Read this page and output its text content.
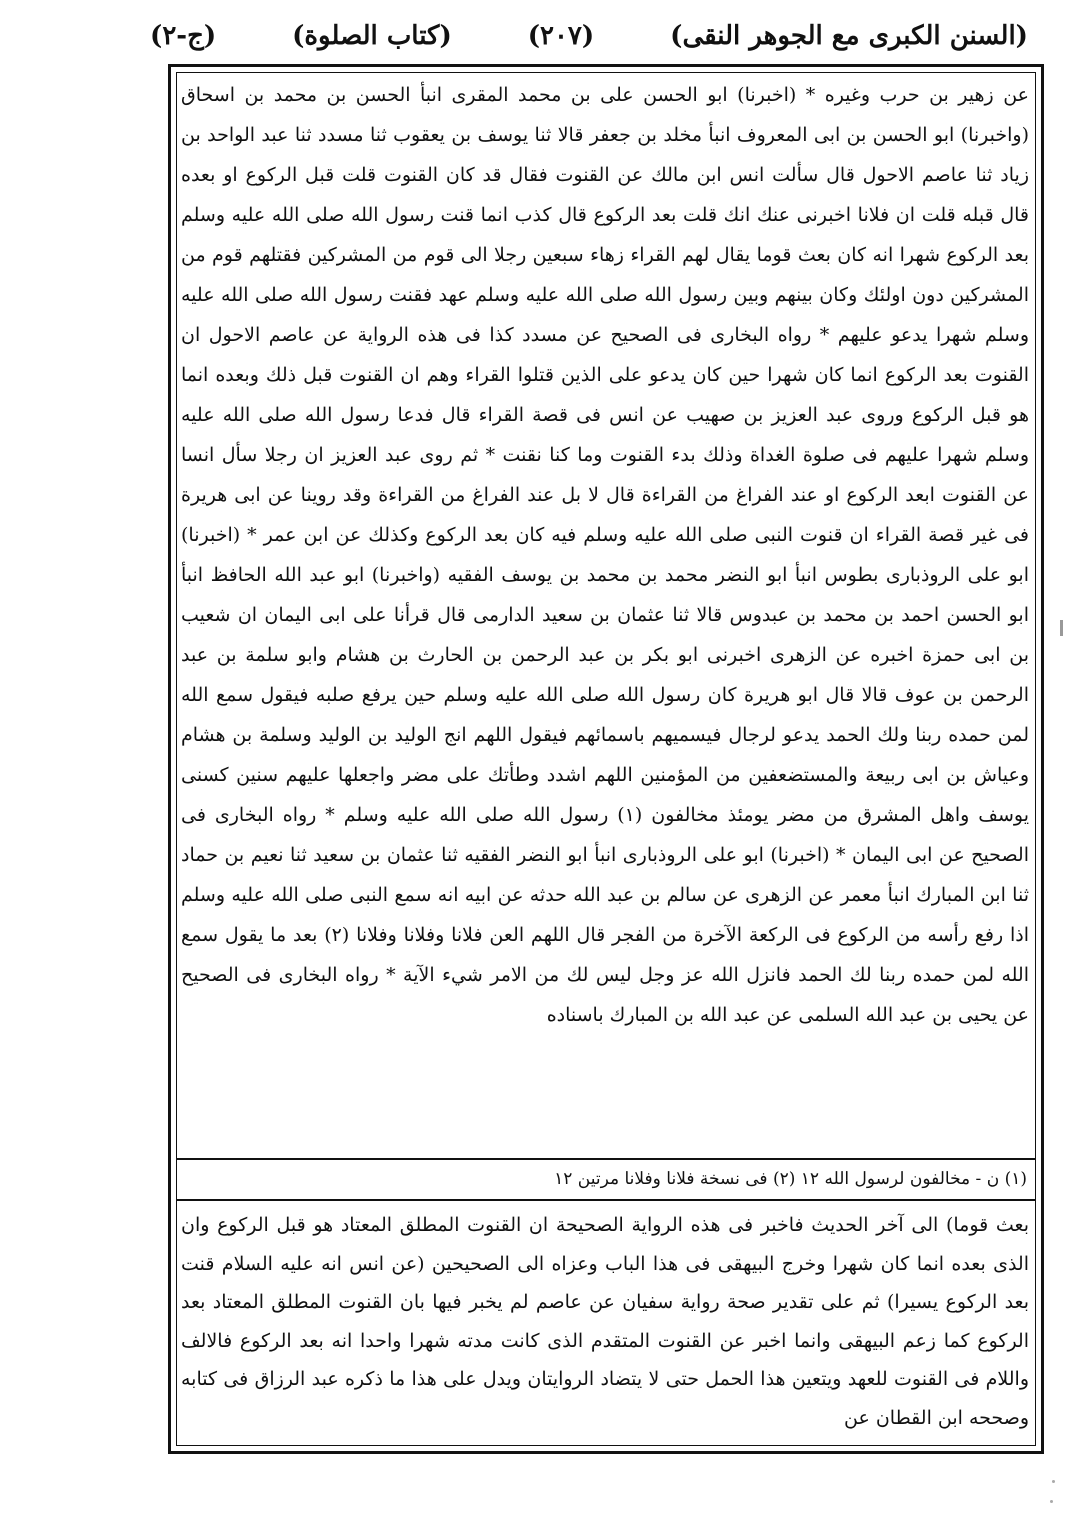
(السنن الكبرى مع الجوهر النقى)
(٢٠٧)
(كتاب الصلوة)
(ج-٢)

عن زهير بن حرب وغيره * (اخبرنا) ابو الحسن على بن محمد المقرى انبأ الحسن بن محمد بن اسحاق (واخبرنا) ابو الحسن بن ابى المعروف انبأ مخلد بن جعفر قالا ثنا يوسف بن يعقوب ثنا مسدد ثنا عبد الواحد بن زياد ثنا عاصم الاحول قال سألت انس ابن مالك عن القنوت فقال قد كان القنوت قلت قبل الركوع او بعده قال قبله قلت ان فلانا اخبرنى عنك انك قلت بعد الركوع قال كذب انما قنت رسول الله صلى الله عليه وسلم بعد الركوع شهرا انه كان بعث قوما يقال لهم القراء زهاء سبعين رجلا الى قوم من المشركين فقتلهم قوم من المشركين دون اولئك وكان بينهم وبين رسول الله صلى الله عليه وسلم عهد فقنت رسول الله صلى الله عليه وسلم شهرا يدعو عليهم * رواه البخارى فى الصحيح عن مسدد كذا فى هذه الرواية عن عاصم الاحول ان القنوت بعد الركوع انما كان شهرا حين كان يدعو على الذين قتلوا القراء وهم ان القنوت قبل ذلك وبعده انما هو قبل الركوع وروى عبد العزيز بن صهيب عن انس فى قصة القراء قال فدعا رسول الله صلى الله عليه وسلم شهرا عليهم فى صلوة الغداة وذلك بدء القنوت وما كنا نقنت * ثم روى عبد العزيز ان رجلا سأل انسا عن القنوت ابعد الركوع او عند الفراغ من القراءة قال لا بل عند الفراغ من القراءة وقد روينا عن ابى هريرة فى غير قصة القراء ان قنوت النبى صلى الله عليه وسلم فيه كان بعد الركوع وكذلك عن ابن عمر * (اخبرنا) ابو على الروذبارى بطوس انبأ ابو النضر محمد بن محمد بن يوسف الفقيه (واخبرنا) ابو عبد الله الحافظ انبأ ابو الحسن احمد بن محمد بن عبدوس قالا ثنا عثمان بن سعيد الدارمى قال قرأنا على ابى اليمان ان شعيب بن ابى حمزة اخبره عن الزهرى اخبرنى ابو بكر بن عبد الرحمن بن الحارث بن هشام وابو سلمة بن عبد الرحمن بن عوف قالا قال ابو هريرة كان رسول الله صلى الله عليه وسلم حين يرفع صلبه فيقول سمع الله لمن حمده ربنا ولك الحمد يدعو لرجال فيسميهم باسمائهم فيقول اللهم انج الوليد بن الوليد وسلمة بن هشام وعياش بن ابى ربيعة والمستضعفين من المؤمنين اللهم اشدد وطأتك على مضر واجعلها عليهم سنين كسنى يوسف واهل المشرق من مضر يومئذ مخالفون (١) رسول الله صلى الله عليه وسلم * رواه البخارى فى الصحيح عن ابى اليمان * (اخبرنا) ابو على الروذبارى انبأ ابو النضر الفقيه ثنا عثمان بن سعيد ثنا نعيم بن حماد ثنا ابن المبارك انبأ معمر عن الزهرى عن سالم بن عبد الله حدثه عن ابيه انه سمع النبى صلى الله عليه وسلم اذا رفع رأسه من الركوع فى الركعة الآخرة من الفجر قال اللهم العن فلانا وفلانا وفلانا (٢) بعد ما يقول سمع الله لمن حمده ربنا لك الحمد فانزل الله عز وجل ليس لك من الامر شيء الآية * رواه البخارى فى الصحيح عن يحيى بن عبد الله السلمى عن عبد الله بن المبارك باسناده

(١) ن - مخالفون لرسول الله ١٢ (٢) فى نسخة فلانا وفلانا مرتين ١٢

بعث قوما) الى آخر الحديث فاخبر فى هذه الرواية الصحيحة ان القنوت المطلق المعتاد هو قبل الركوع وان الذى بعده انما كان شهرا وخرج البيهقى فى هذا الباب وعزاه الى الصحيحين (عن انس انه عليه السلام قنت بعد الركوع يسيرا) ثم على تقدير صحة رواية سفيان عن عاصم لم يخبر فيها بان القنوت المطلق المعتاد بعد الركوع كما زعم البيهقى وانما اخبر عن القنوت المتقدم الذى كانت مدته شهرا واحدا انه بعد الركوع فالالف واللام فى القنوت للعهد ويتعين هذا الحمل حتى لا يتضاد الروايتان ويدل على هذا ما ذكره عبد الرزاق فى كتابه وصححه ابن القطان عن
